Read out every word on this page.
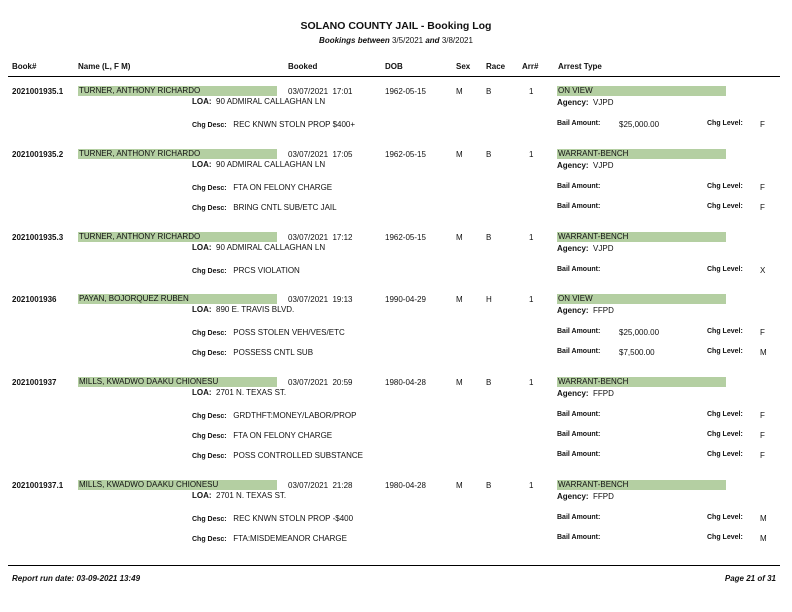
SOLANO COUNTY JAIL - Booking Log
Bookings between 3/5/2021 and 3/8/2021
Book#	Name (L, F M)	Booked	DOB	Sex Race Arr# Arrest Type
2021001935.1 TURNER, ANTHONY RICHARDO	03/07/2021  17:01	1962-05-15	M	B	1	ON VIEW
LOA: 90 ADMIRAL CALLAGHAN LN	Agency: VJPD
Chg Desc: REC KNWN STOLN PROP $400+	Bail Amount: $25,000.00	Chg Level: F
2021001935.2 TURNER, ANTHONY RICHARDO	03/07/2021  17:05	1962-05-15	M	B	1	WARRANT-BENCH
LOA: 90 ADMIRAL CALLAGHAN LN	Agency: VJPD
Chg Desc: FTA ON FELONY CHARGE	Bail Amount:	Chg Level: F
Chg Desc: BRING CNTL SUB/ETC JAIL	Bail Amount:	Chg Level: F
2021001935.3 TURNER, ANTHONY RICHARDO	03/07/2021  17:12	1962-05-15	M	B	1	WARRANT-BENCH
LOA: 90 ADMIRAL CALLAGHAN LN	Agency: VJPD
Chg Desc: PRCS VIOLATION	Bail Amount:	Chg Level: X
2021001936	PAYAN, BOJORQUEZ RUBEN	03/07/2021  19:13	1990-04-29	M	H	1	ON VIEW
LOA: 890 E. TRAVIS BLVD.	Agency: FFPD
Chg Desc: POSS STOLEN VEH/VES/ETC	Bail Amount: $25,000.00	Chg Level: F
Chg Desc: POSSESS CNTL SUB	Bail Amount: $7,500.00	Chg Level: M
2021001937	MILLS, KWADWO DAAKU CHIONESU	03/07/2021  20:59	1980-04-28	M	B	1	WARRANT-BENCH
LOA: 2701 N. TEXAS ST.	Agency: FFPD
Chg Desc: GRDTHFT:MONEY/LABOR/PROP	Bail Amount:	Chg Level: F
Chg Desc: FTA ON FELONY CHARGE	Bail Amount:	Chg Level: F
Chg Desc: POSS CONTROLLED SUBSTANCE	Bail Amount:	Chg Level: F
2021001937.1 MILLS, KWADWO DAAKU CHIONESU	03/07/2021  21:28	1980-04-28	M	B	1	WARRANT-BENCH
LOA: 2701 N. TEXAS ST.	Agency: FFPD
Chg Desc: REC KNWN STOLN PROP -$400	Bail Amount:	Chg Level: M
Chg Desc: FTA:MISDEMEANOR CHARGE	Bail Amount:	Chg Level: M
Report run date: 03-09-2021 13:49	Page 21 of 31
